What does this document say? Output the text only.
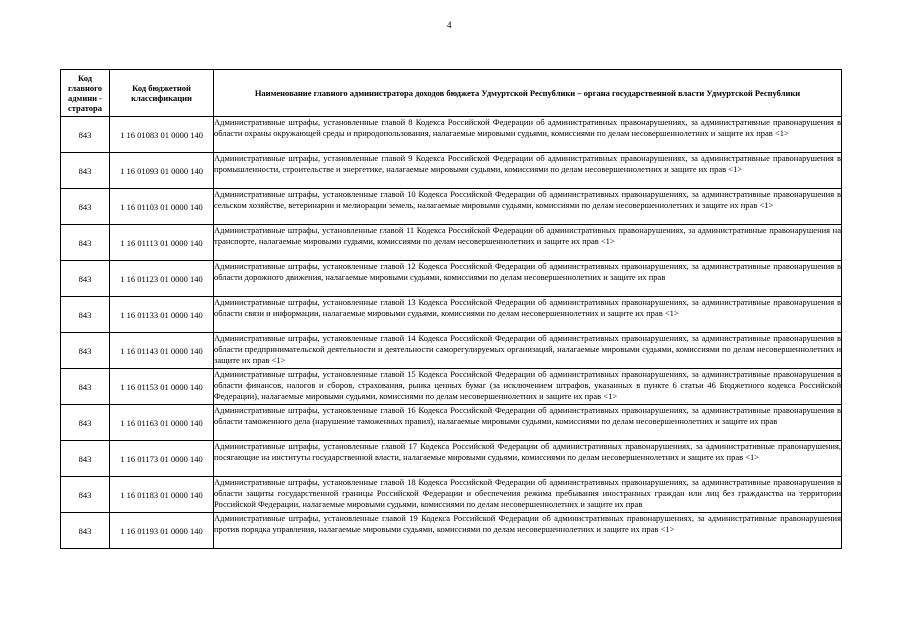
4
Код главного админи - стратора	Код бюджетной классификации	Наименование главного администратора доходов бюджета Удмуртской Республики – органа государственной власти Удмуртской Республики
843	1 16 01083 01 0000 140	Административные штрафы, установленные главой 8 Кодекса Российской Федерации об административных правонарушениях, за административные правонарушения в области охраны окружающей среды и природопользования, налагаемые мировыми судьями, комиссиями по делам несовершеннолетних и защите их прав <1>

843	1 16 01093 01 0000 140	Административные штрафы, установленные главой 9 Кодекса Российской Федерации об административных правонарушениях, за административные правонарушения в промышленности, строительстве и энергетике, налагаемые мировыми судьями, комиссиями по делам несовершеннолетних и защите их прав <1>

843	1 16 01103 01 0000 140	Административные штрафы, установленные главой 10 Кодекса Российской Федерации об административных правонарушениях, за административные правонарушения в сельском хозяйстве, ветеринарии и мелиорации земель, налагаемые мировыми судьями, комиссиями по делам несовершеннолетних и защите их прав <1>

843	1 16 01113 01 0000 140	Административные штрафы, установленные главой 11 Кодекса Российской Федерации об административных правонарушениях, за административные правонарушения на транспорте, налагаемые мировыми судьями, комиссиями по делам несовершеннолетних и защите их прав <1>

843	1 16 01123 01 0000 140	Административные штрафы, установленные главой 12 Кодекса Российской Федерации об административных правонарушениях, за административные правонарушения в области дорожного движения, налагаемые мировыми судьями, комиссиями по делам несовершеннолетних и защите их прав

843	1 16 01133 01 0000 140	Административные штрафы, установленные главой 13 Кодекса Российской Федерации об административных правонарушениях, за административные правонарушения в области связи и информации, налагаемые мировыми судьями, комиссиями по делам несовершеннолетних и защите их прав <1>

843	1 16 01143 01 0000 140	Административные штрафы, установленные главой 14 Кодекса Российской Федерации об административных правонарушениях, за административные правонарушения в области предпринимательской деятельности и деятельности саморегулируемых организаций, налагаемые мировыми судьями, комиссиями по делам несовершеннолетних и защите их прав <1>

843	1 16 01153 01 0000 140	Административные штрафы, установленные главой 15 Кодекса Российской Федерации об административных правонарушениях, за административные правонарушения в области финансов, налогов и сборов, страхования, рынка ценных бумаг (за исключением штрафов, указанных в пункте 6 статьи 46 Бюджетного кодекса Российской Федерации), налагаемые мировыми судьями, комиссиями по делам несовершеннолетних и защите их прав <1>

843	1 16 01163 01 0000 140	Административные штрафы, установленные главой 16 Кодекса Российской Федерации об административных правонарушениях, за административные правонарушения в области таможенного дела (нарушение таможенных правил), налагаемые мировыми судьями, комиссиями по делам несовершеннолетних и защите их прав

843	1 16 01173 01 0000 140	Административные штрафы, установленные главой 17 Кодекса Российской Федерации об административных правонарушениях, за административные правонарушения, посягающие на институты государственной власти, налагаемые мировыми судьями, комиссиями по делам несовершеннолетних и защите их прав <1>

843	1 16 01183 01 0000 140	Административные штрафы, установленные главой 18 Кодекса Российской Федерации об административных правонарушениях, за административные правонарушения в области защиты государственной границы Российской Федерации и обеспечения режима пребывания иностранных граждан или лиц без гражданства на территории Российской Федерации, налагаемые мировыми судьями, комиссиями по делам несовершеннолетних и защите их прав

843	1 16 01193 01 0000 140	Административные штрафы, установленные главой 19 Кодекса Российской Федерации об административных правонарушениях, за административные правонарушения против порядка управления, налагаемые мировыми судьями, комиссиями по делам несовершеннолетних и защите их прав <1>
